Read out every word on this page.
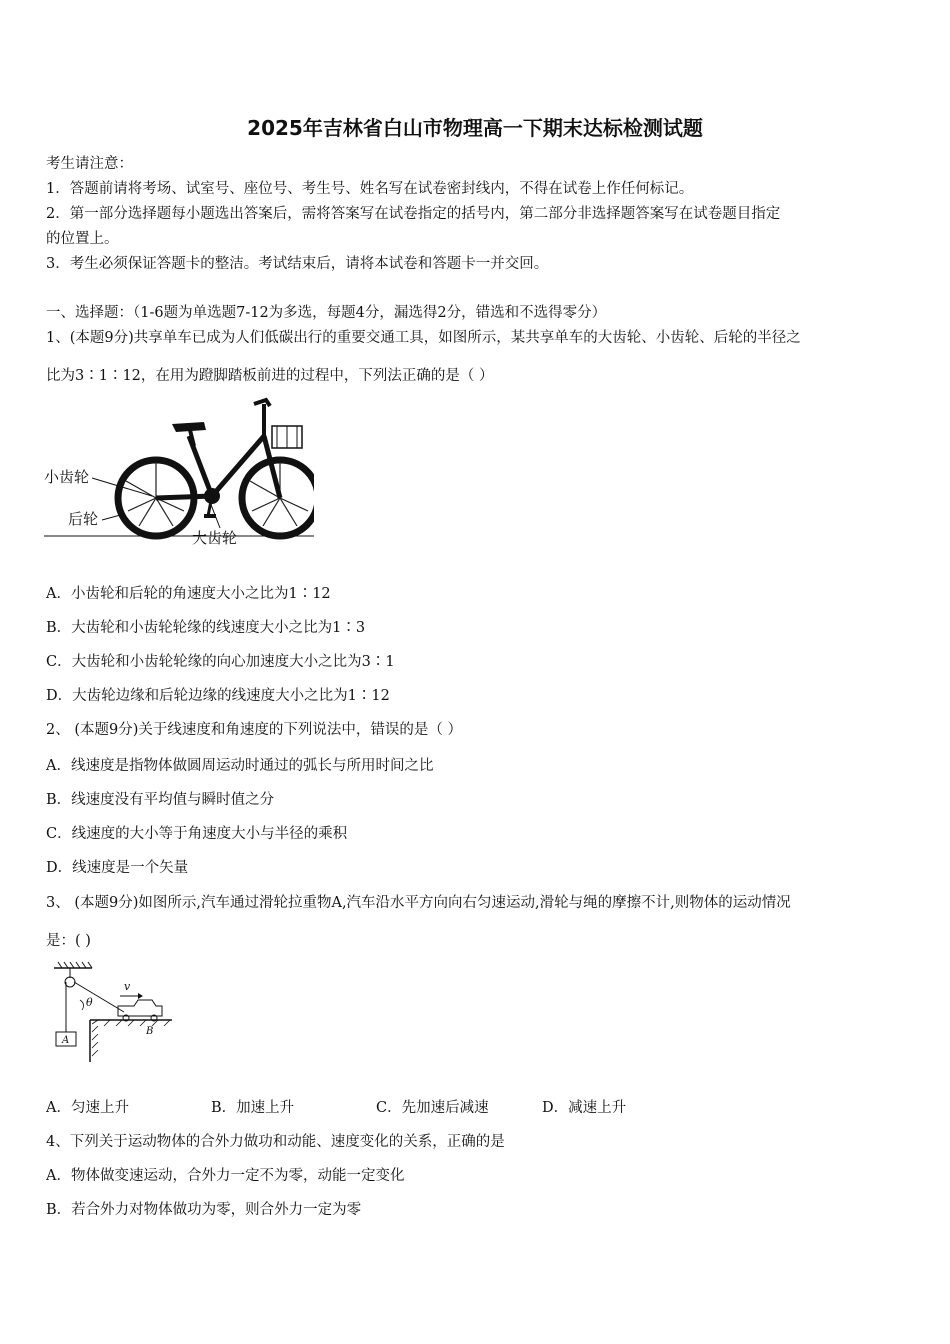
2025年吉林省白山市物理高一下期末达标检测试题
考生请注意：
1．答题前请将考场、试室号、座位号、考生号、姓名写在试卷密封线内，不得在试卷上作任何标记。
2．第一部分选择题每小题选出答案后，需将答案写在试卷指定的括号内，第二部分非选择题答案写在试卷题目指定
的位置上。
3．考生必须保证答题卡的整洁。考试结束后，请将本试卷和答题卡一并交回。
一、选择题：（1-6题为单选题7-12为多选，每题4分，漏选得2分，错选和不选得零分）
1、(本题9分)共享单车已成为人们低碳出行的重要交通工具，如图所示，某共享单车的大齿轮、小齿轮、后轮的半径之
比为3∶1∶12，在用为蹬脚踏板前进的过程中，下列法正确的是（ ）
小齿轮
后轮
大齿轮
A．小齿轮和后轮的角速度大小之比为1∶12
B．大齿轮和小齿轮轮缘的线速度大小之比为1∶3
C．大齿轮和小齿轮轮缘的向心加速度大小之比为3∶1
D．大齿轮边缘和后轮边缘的线速度大小之比为1∶12
2、 (本题9分)关于线速度和角速度的下列说法中，错误的是（ ）
A．线速度是指物体做圆周运动时通过的弧长与所用时间之比
B．线速度没有平均值与瞬时值之分
C．线速度的大小等于角速度大小与半径的乘积
D．线速度是一个矢量
3、 (本题9分)如图所示,汽车通过滑轮拉重物A,汽车沿水平方向向右匀速运动,滑轮与绳的摩擦不计,则物体的运动情况
是：( )
A
θ
v
B
A．匀速上升	B．加速上升	C．先加速后减速	D．减速上升
4、下列关于运动物体的合外力做功和动能、速度变化的关系，正确的是
A．物体做变速运动，合外力一定不为零，动能一定变化
B．若合外力对物体做功为零，则合外力一定为零
